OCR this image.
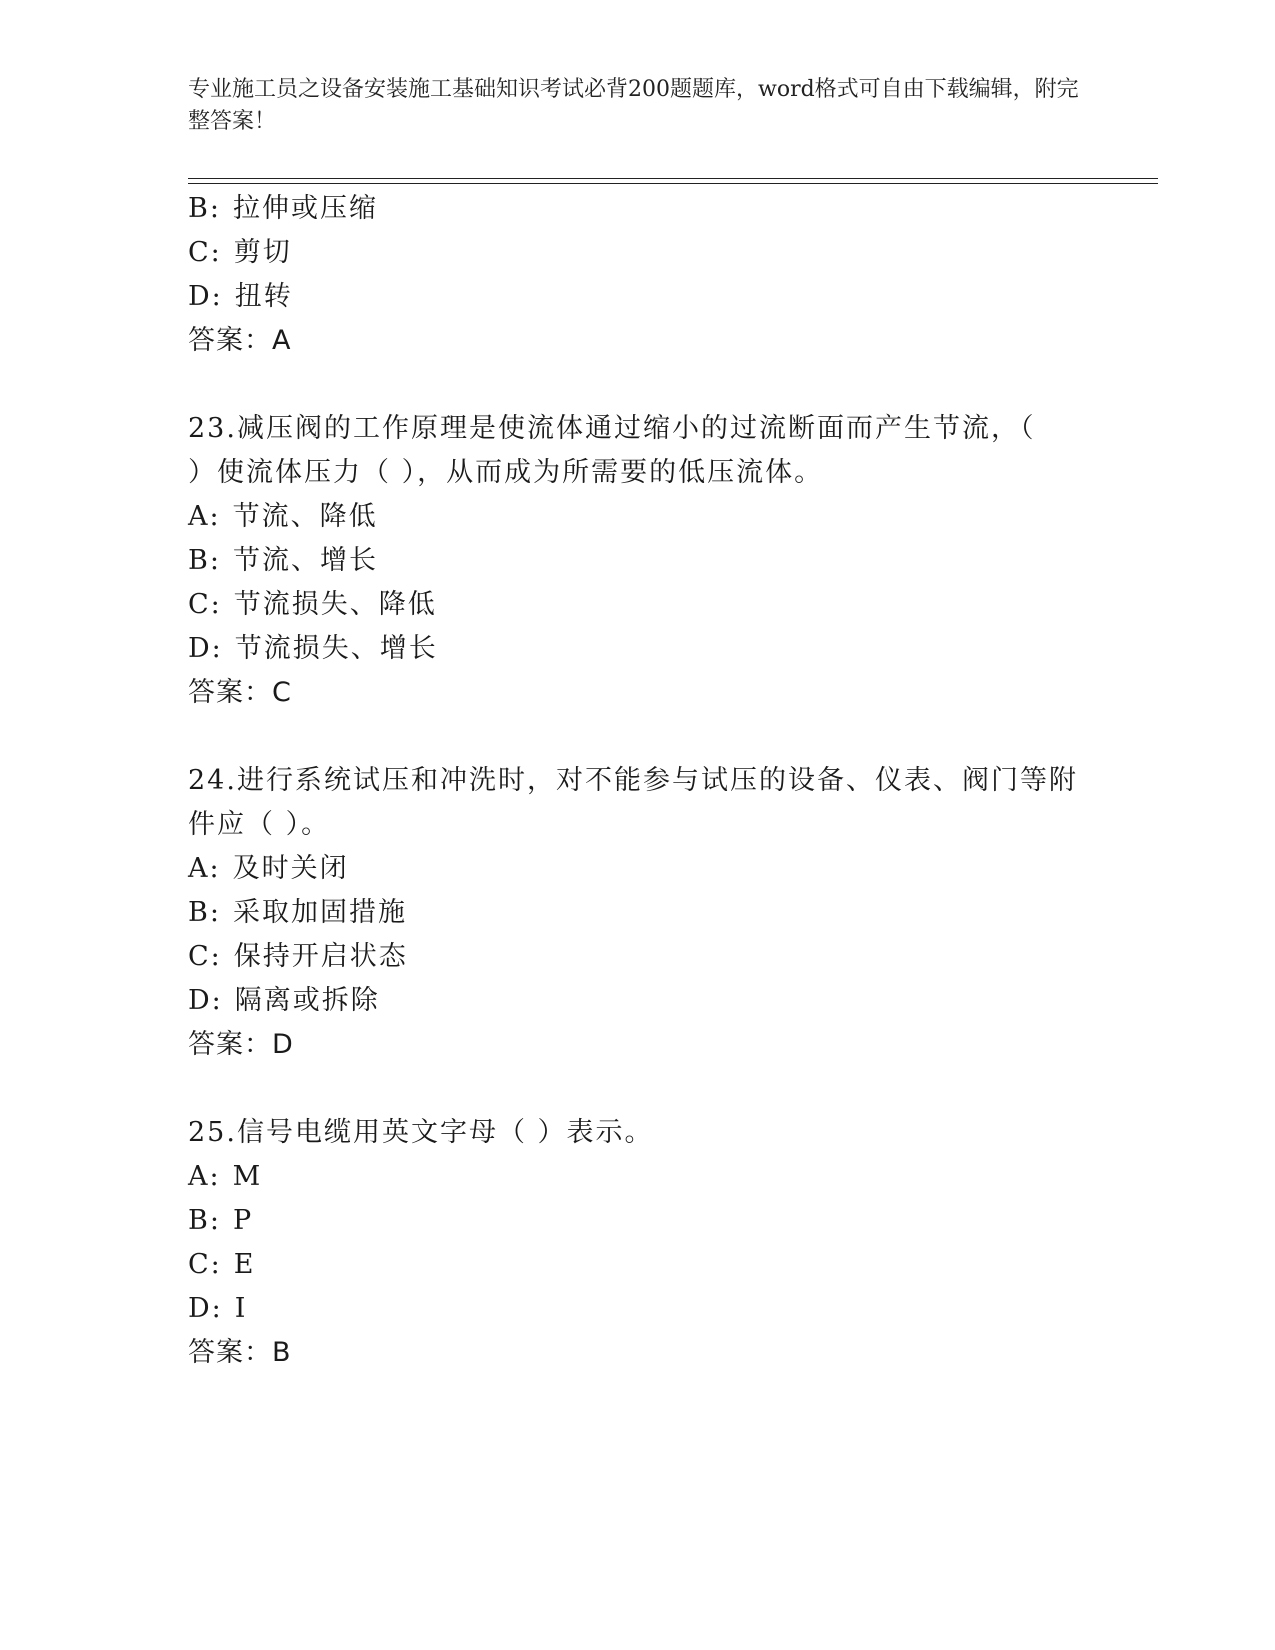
专业施工员之设备安装施工基础知识考试必背200题题库，word格式可自由下载编辑，附完整答案！
B: 拉伸或压缩
C: 剪切
D: 扭转
答案：A
23.减压阀的工作原理是使流体通过缩小的过流断面而产生节流，（
）使流体压力（ ），从而成为所需要的低压流体。
A: 节流、降低
B: 节流、增长
C: 节流损失、降低
D: 节流损失、增长
答案：C
24.进行系统试压和冲洗时，对不能参与试压的设备、仪表、阀门等附
件应（ ）。
A: 及时关闭
B: 采取加固措施
C: 保持开启状态
D: 隔离或拆除
答案：D
25.信号电缆用英文字母（ ）表示。
A: M
B: P
C: E
D: I
答案：B
